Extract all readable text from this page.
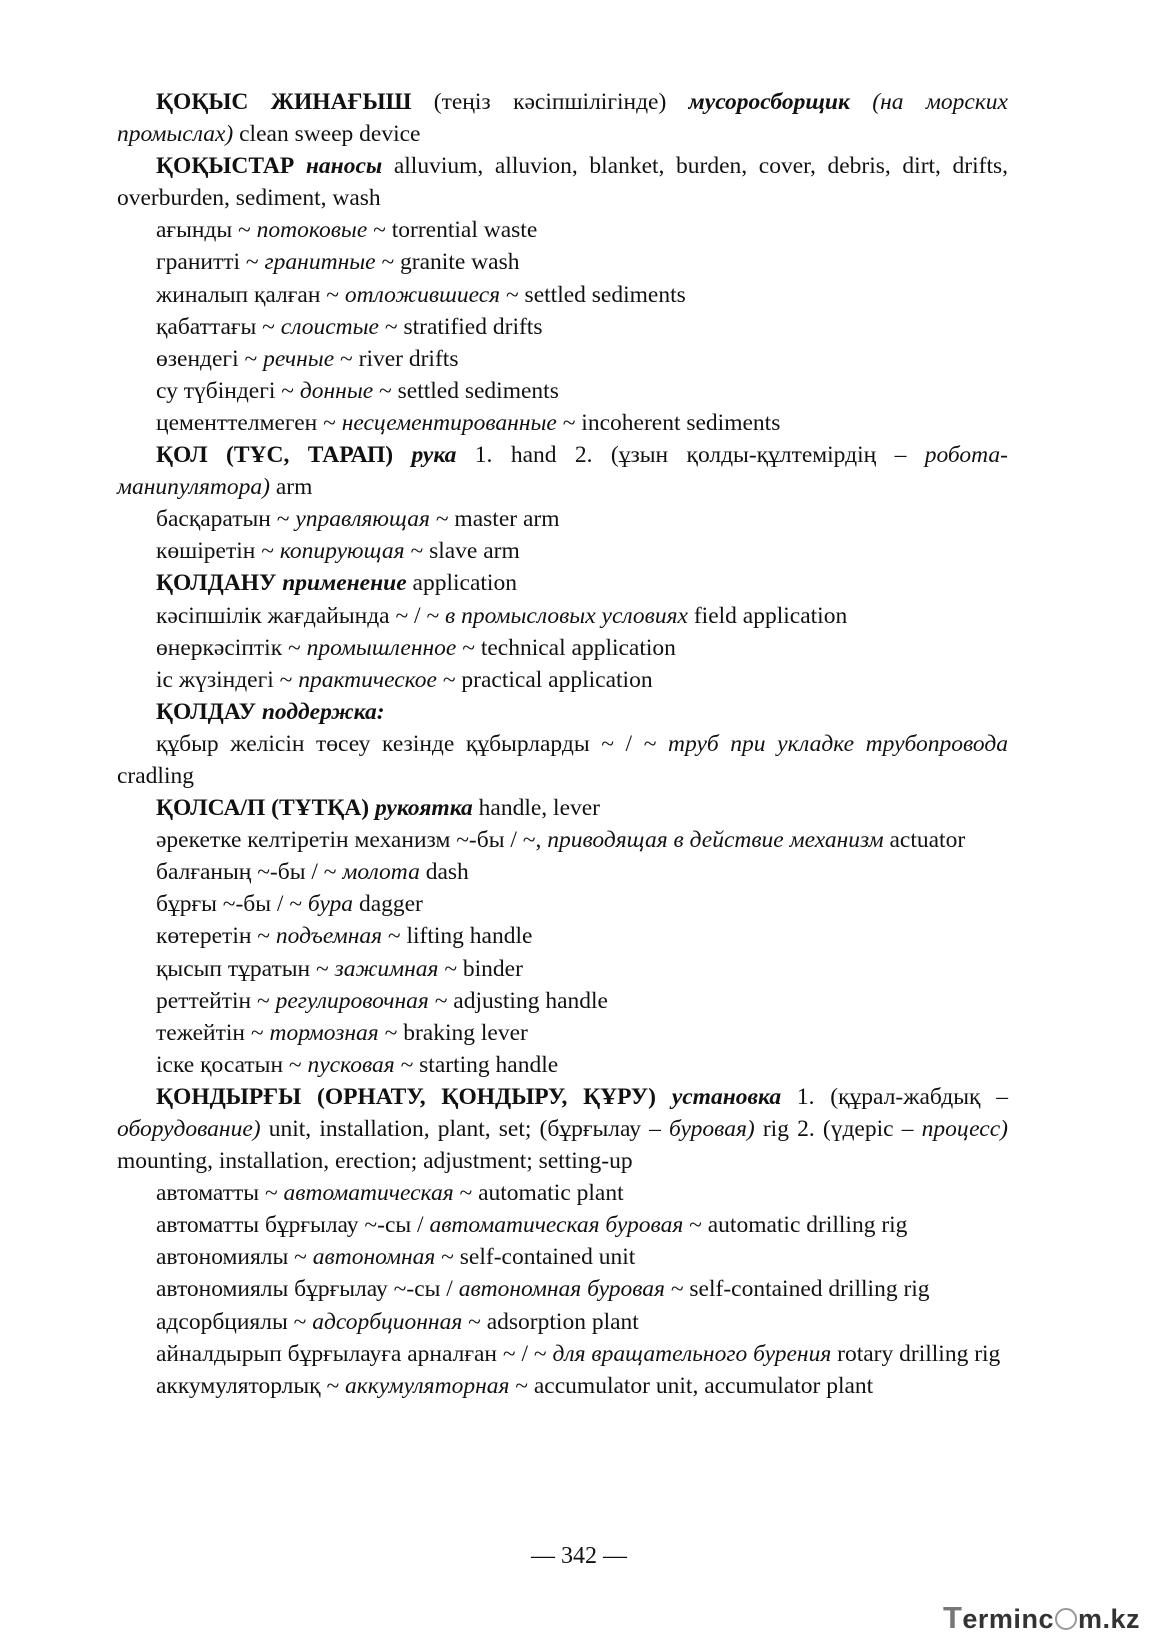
ҚОҚЫС ЖИНАҒЫШ (теңіз кәсіпшілігінде) мусоросборщик (на морских промыслах) clean sweep device

ҚОҚЫСТАР наносы alluvium, alluvion, blanket, burden, cover, debris, dirt, drifts, overburden, sediment, wash

ағынды ~ потоковые ~ torrential waste

граниттi ~ гранитные ~ granite wash

жиналып қалған ~ отложившиеся ~ settled sediments

қабаттағы ~ слоистые ~ stratified drifts

өзендегi ~ речные ~ river drifts

су түбiндегi ~ донные ~ settled sediments

цементтелмеген ~ несцементированные ~ incoherent sediments

ҚОЛ (ТҰС, ТАРАП) рука 1. hand 2. (ұзын қолды-құлтемiрдiң – робота-манипулятора) arm

басқаратын ~ управляющая ~ master arm

көшiретiн ~ копирующая ~ slave arm

ҚОЛДАНУ применение application

кәсiпшiлiк жағдайында ~ / ~ в промысловых условиях field application

өнеркәсiптiк ~ промышленное ~ technical application

iс жүзiндегi ~ практическое ~ practical application

ҚОЛДАУ поддержка:

құбыр желiсiн төсеу кезiнде құбырларды ~ / ~ труб при укладке трубопровода cradling

ҚОЛСА/П (ТҰТҚА) рукоятка handle, lever

әрекетке келтiретiн механизм ~-бы / ~, приводящая в действие механизм actuator

балғаның ~-бы / ~ молота dash

бұрғы ~-бы / ~ бура dagger

көтеретiн ~ подъемная ~ lifting handle

қысып тұратын ~ зажимная ~ binder

реттейтiн ~ регулировочная ~ adjusting handle

тежейтiн ~ тормозная ~ braking lever

iске қосатын ~ пусковая ~ starting handle

ҚОНДЫРҒЫ (ОРНАТУ, ҚОНДЫРУ, ҚҰРУ) установка 1. (құрал-жабдық – оборудование) unit, installation, plant, set; (бұрғылау – буровая) rig 2. (үдерiс – процесс) mounting, installation, erection; adjustment; setting-up

автоматты ~ автоматическая ~ automatic plant

автоматты бұрғылау ~-сы / автоматическая буровая ~ automatic drilling rig

автономиялы ~ автономная ~ self-contained unit

автономиялы бұрғылау ~-сы / автономная буровая ~ self-contained drilling rig

адсорбциялы ~ адсорбционная ~ adsorption plant

айналдырып бұрғылауға арналған ~ / ~ для вращательного бурения rotary drilling rig

аккумуляторлық ~ аккумуляторная ~ accumulator unit, accumulator plant

— 342 —
Terminc m.kz
